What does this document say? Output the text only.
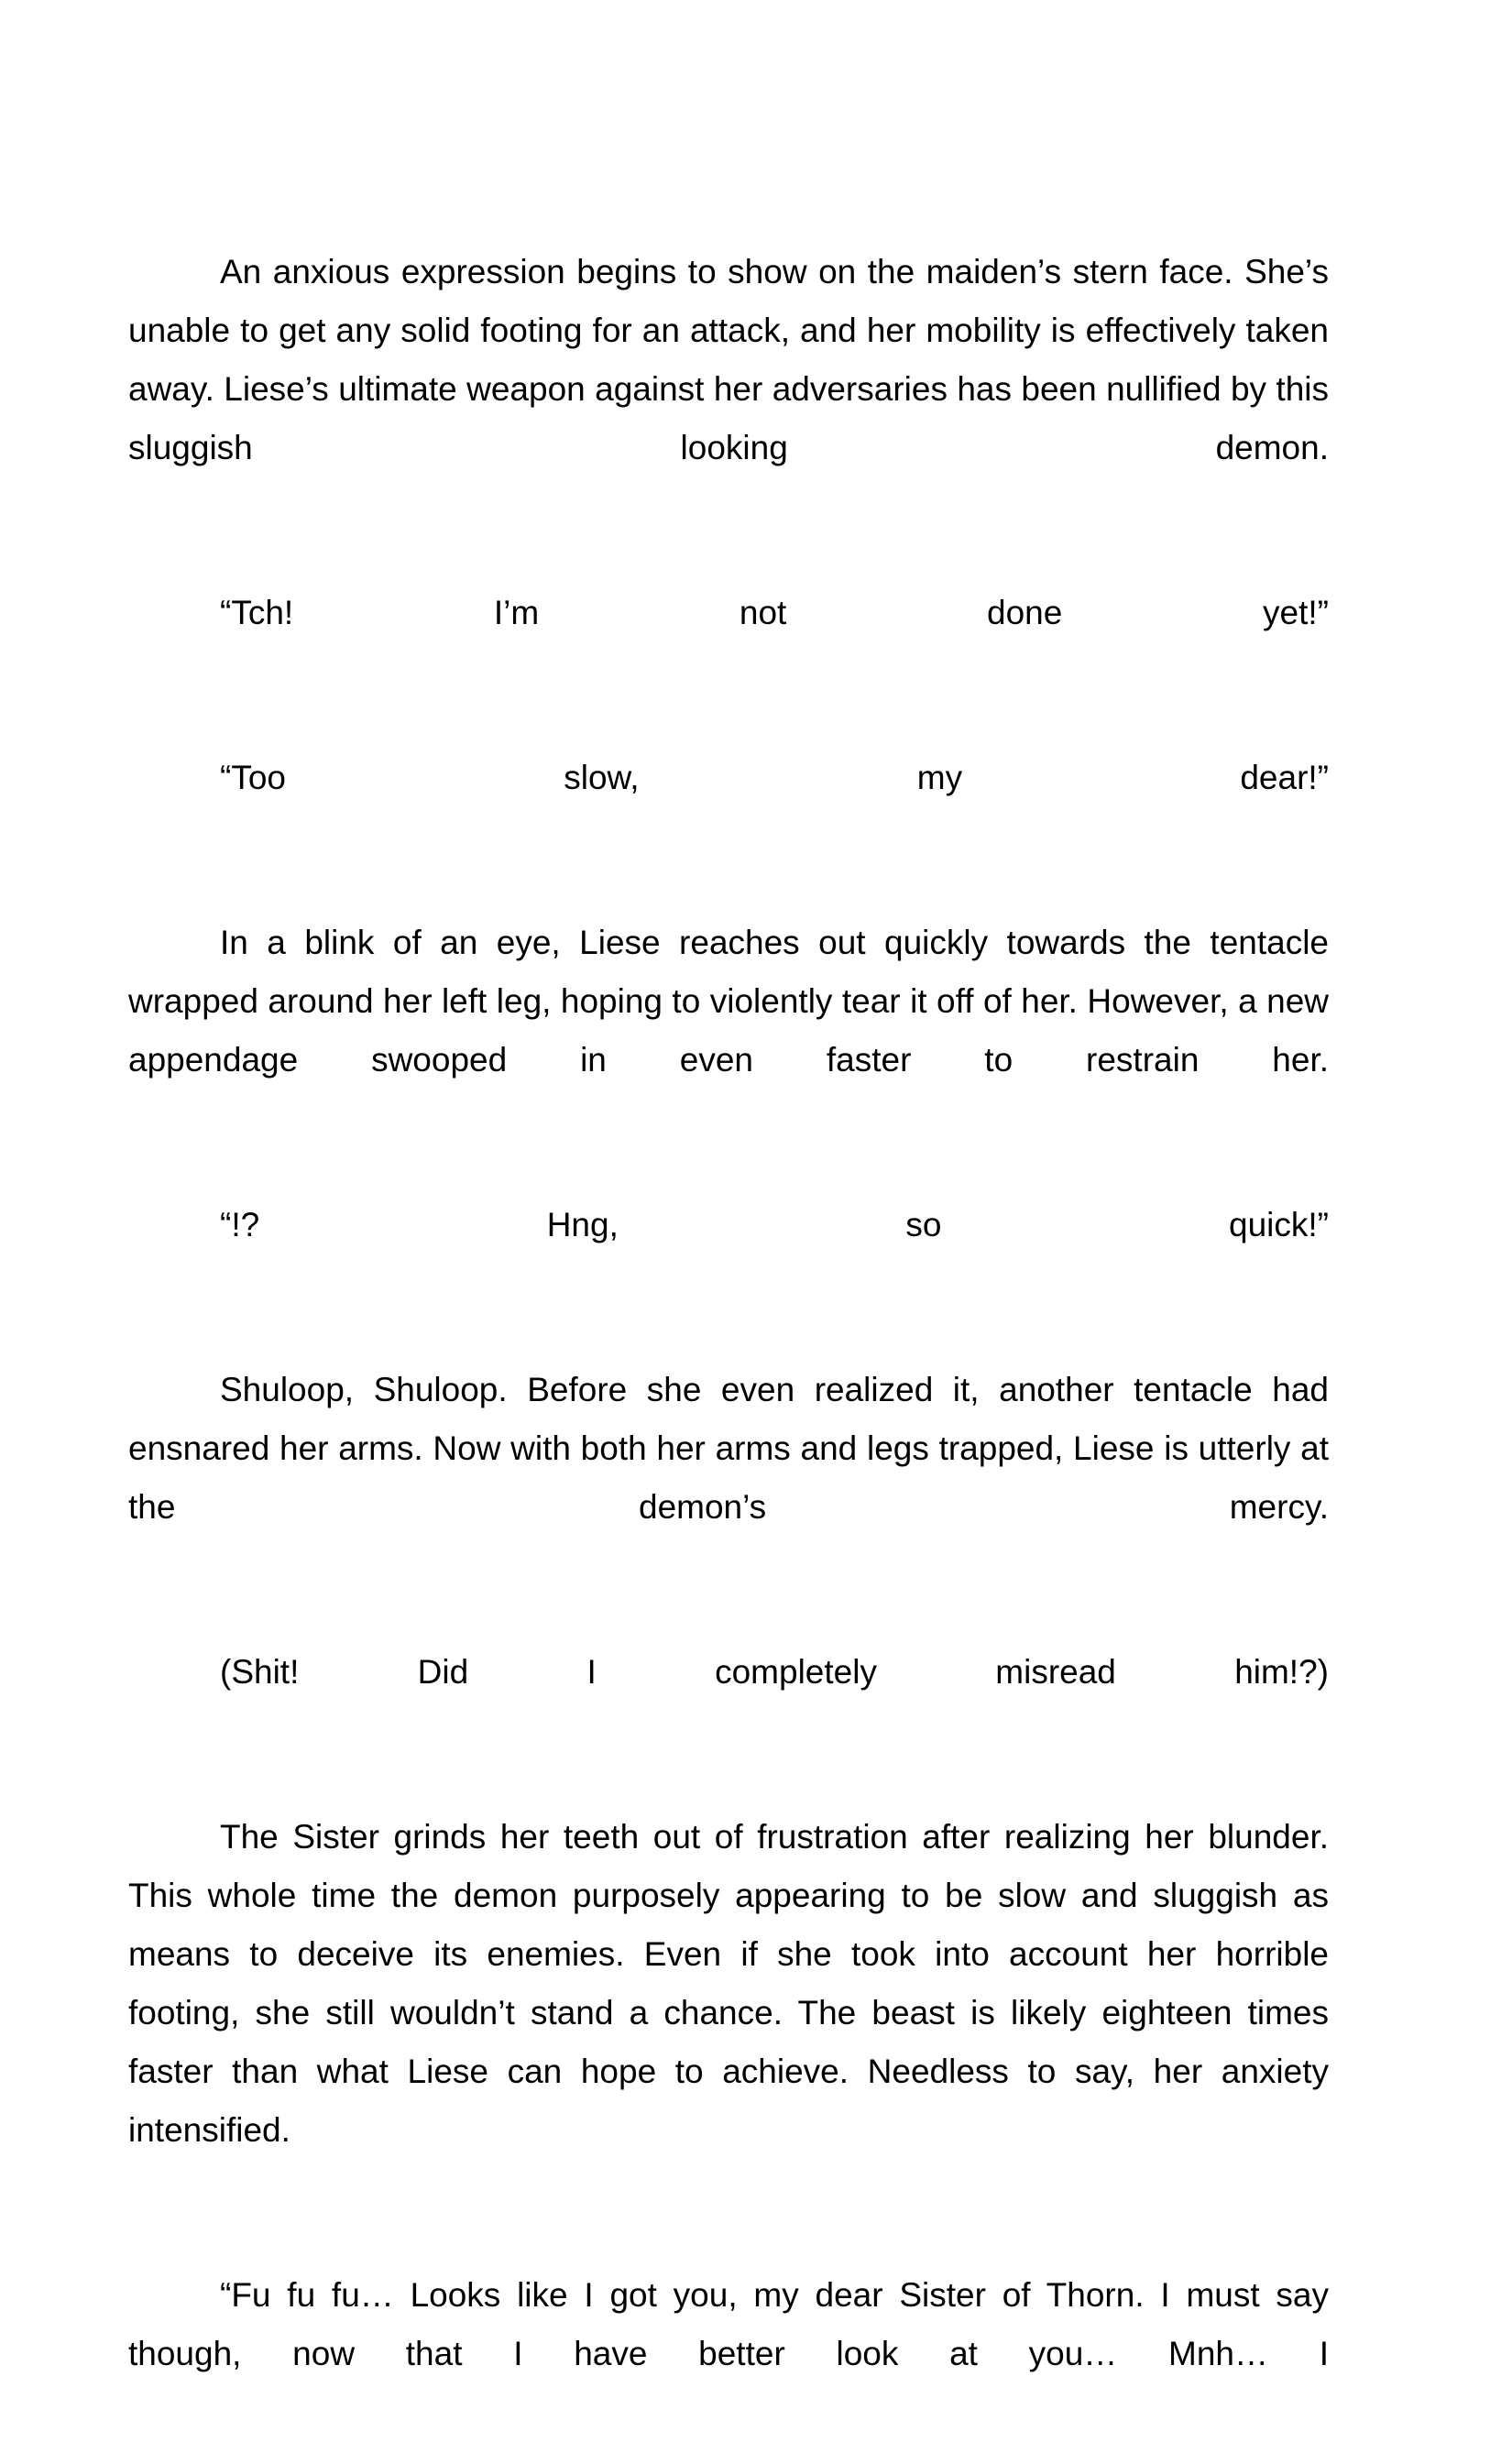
An anxious expression begins to show on the maiden’s stern face. She’s unable to get any solid footing for an attack, and her mobility is effectively taken away. Liese’s ultimate weapon against her adversaries has been nullified by this sluggish looking demon.

“Tch! I’m not done yet!”

“Too slow, my dear!”

In a blink of an eye, Liese reaches out quickly towards the tentacle wrapped around her left leg, hoping to violently tear it off of her. However, a new appendage swooped in even faster to restrain her.

“!? Hng, so quick!”

Shuloop, Shuloop. Before she even realized it, another tentacle had ensnared her arms. Now with both her arms and legs trapped, Liese is utterly at the demon’s mercy.

(Shit! Did I completely misread him!?)

The Sister grinds her teeth out of frustration after realizing her blunder. This whole time the demon purposely appearing to be slow and sluggish as means to deceive its enemies. Even if she took into account her horrible footing, she still wouldn’t stand a chance. The beast is likely eighteen times faster than what Liese can hope to achieve. Needless to say, her anxiety intensified.

“Fu fu fu… Looks like I got you, my dear Sister of Thorn. I must say though, now that I have better look at you… Mnh… I
